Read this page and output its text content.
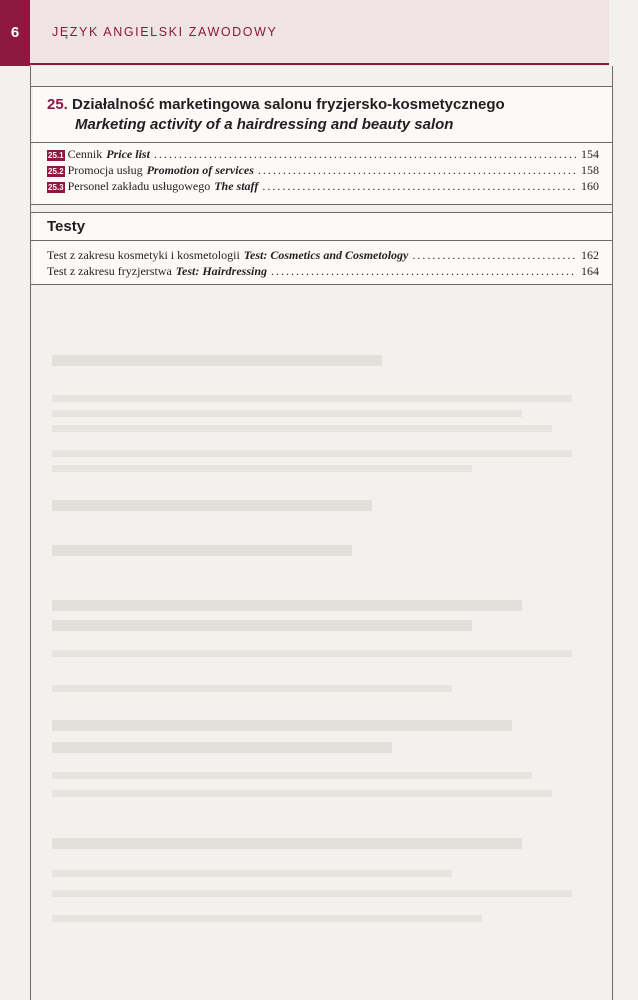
6	JĘZYK ANGIELSKI ZAWODOWY
25. Działalność marketingowa salonu fryzjersko-kosmetycznego
Marketing activity of a hairdressing and beauty salon
25.1 Cennik Price list .....	154
25.2 Promocja usług Promotion of services .....	158
25.3 Personel zakładu usługowego The staff .....	160
Testy
Test z zakresu kosmetyki i kosmetologii Test: Cosmetics and Cosmetology .....	162
Test z zakresu fryzjerstwa Test: Hairdressing .....	164
